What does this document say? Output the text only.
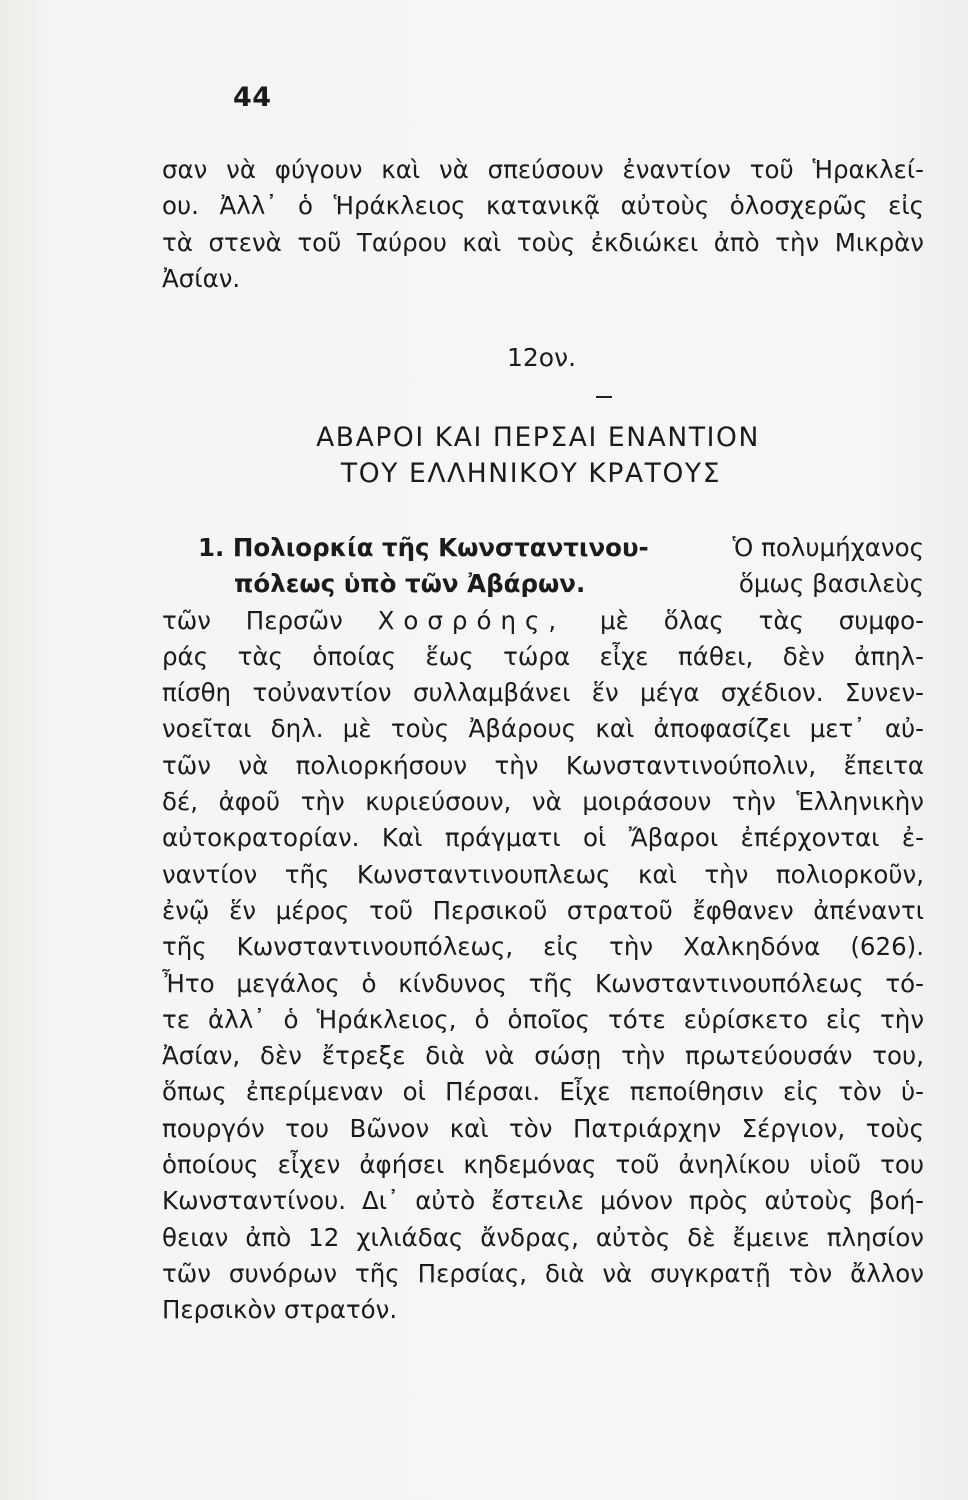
44
σαν νὰ φύγουν καὶ νὰ σπεύσουν ἐναντίον τοῦ Ἡρακλεί-
ου. Ἀλλ᾽ ὁ Ἡράκλειος κατανικᾷ αὐτοὺς ὁλοσχερῶς εἰς
τὰ στενὰ τοῦ Ταύρου καὶ τοὺς ἐκδιώκει ἀπὸ τὴν Μικρὰν
Ἀσίαν.
12ον.
ΑΒΑΡΟΙ ΚΑΙ ΠΕΡΣΑΙ ΕΝΑΝΤΙΟΝ
ΤΟΥ ΕΛΛΗΝΙΚΟΥ ΚΡΑΤΟΥΣ
1. Πολιορκία τῆς Κωνσταντινου-	Ὁ πολυμήχανος
πόλεως ὑπὸ τῶν Ἀβάρων.	ὅμως βασιλεὺς
τῶν Περσῶν Χοσρόης, μὲ ὅλας τὰς συμφο-
ράς τὰς ὁποίας ἕως τώρα εἶχε πάθει, δὲν ἀπηλ-
πίσθη τοὐναντίον συλλαμβάνει ἕν μέγα σχέδιον. Συνεν-
νοεῖται δηλ. μὲ τοὺς Ἀβάρους καὶ ἀποφασίζει μετ᾽ αὐ-
τῶν νὰ πολιορκήσουν τὴν Κωνσταντινούπολιν, ἔπειτα
δέ, ἀφοῦ τὴν κυριεύσουν, νὰ μοιράσουν τὴν Ἑλληνικὴν
αὐτοκρατορίαν. Καὶ πράγματι οἱ Ἄβαροι ἐπέρχονται ἐ-
ναντίον τῆς Κωνσταντινουπλεως καὶ τὴν πολιορκοῦν,
ἐνῷ ἕν μέρος τοῦ Περσικοῦ στρατοῦ ἔφθανεν ἀπέναντι
τῆς Κωνσταντινουπόλεως, εἰς τὴν Χαλκηδόνα (626).
Ἦτο μεγάλος ὁ κίνδυνος τῆς Κωνσταντινουπόλεως τό-
τε ἀλλ᾽ ὁ Ἡράκλειος, ὁ ὁποῖος τότε εὑρίσκετο εἰς τὴν
Ἀσίαν, δὲν ἔτρεξε διὰ νὰ σώσῃ τὴν πρωτεύουσάν του,
ὅπως ἐπερίμεναν οἱ Πέρσαι. Εἶχε πεποίθησιν εἰς τὸν ὑ-
πουργόν του Βῶνον καὶ τὸν Πατριάρχην Σέργιον, τοὺς
ὁποίους εἶχεν ἀφήσει κηδεμόνας τοῦ ἀνηλίκου υἱοῦ του
Κωνσταντίνου. Δι᾽ αὐτὸ ἔστειλε μόνον πρὸς αὐτοὺς βοή-
θειαν ἀπὸ 12 χιλιάδας ἄνδρας, αὐτὸς δὲ ἔμεινε πλησίον
τῶν συνόρων τῆς Περσίας, διὰ νὰ συγκρατῇ τὸν ἄλλον
Περσικὸν στρατόν.
